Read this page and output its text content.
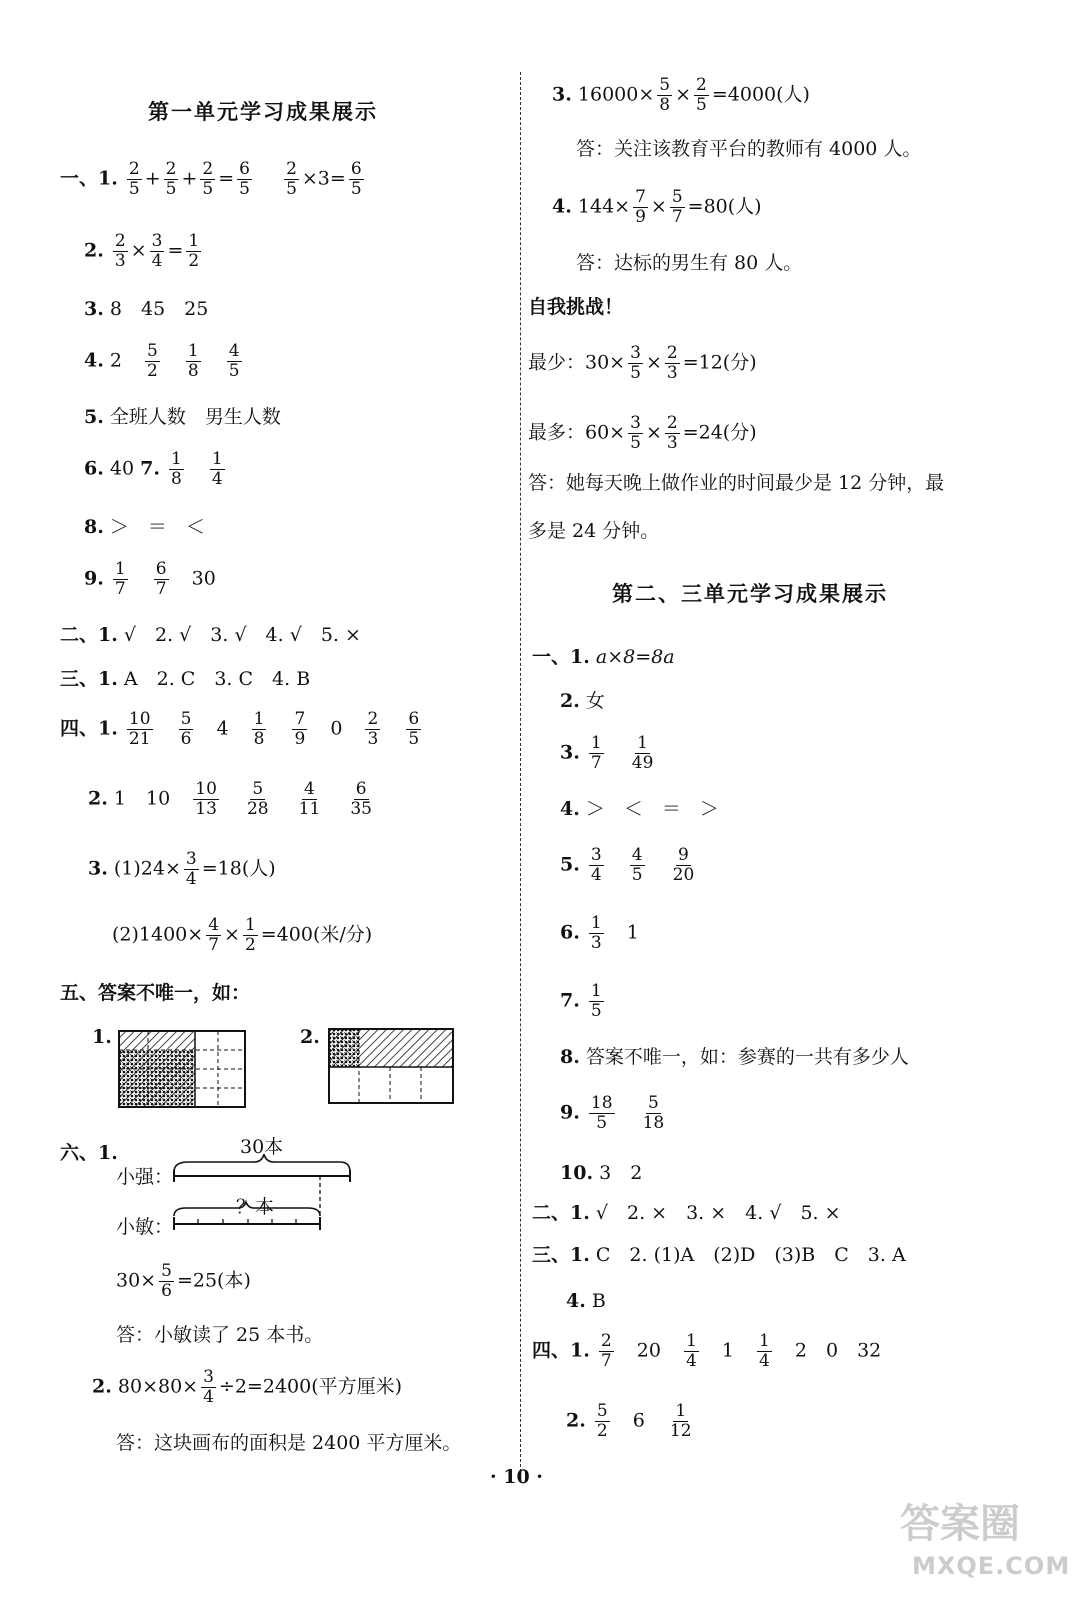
第一单元学习成果展示
一、1. $\frac{2}{5} + \frac{2}{5} + \frac{2}{5} = \frac{6}{5}$
$\frac{2}{5} \times 3= \frac{6}{5}$
2. $\frac{2}{3} \times \frac{3}{4} = \frac{1}{2}$
3. 8　45　25
4. $2 \frac{5}{2}$
$\frac{1}{8}$
$\frac{4}{5}$
5. 全班人数　男生人数
6. 40 7. $\frac{1}{8}$
$\frac{1}{4}$
8. ＞　＝　＜
9. $\frac{1}{7}$
$\frac{6}{7} 30$
二、1. √　2. √　3. √　4. √　5. ×
三、1. A　2. C　3. C　4. B
四、1. $\frac{10}{21}$
$\frac{5}{6} 4 \frac{1}{8}$
$\frac{7}{9} 0 \frac{2}{3}$
$\frac{6}{5}$
2. 1 $10 \frac{10}{13}$
$\frac{5}{28}$
$\frac{4}{11}$
$\frac{6}{35}$
3. $(1)24\times \frac{3}{4} =18$(人)
$(2)1400\times \frac{4}{7} \times \frac{1}{2} =400$(米/分)
五、答案不唯一，如：
1.	2.
六、1.	30本
小强：
？本
小敏：
$30\times \frac{5}{6} =25$(本)
答：小敏读了 25 本书。
2. $80\times 80\times \frac{3}{4} \div 2=2400$(平方厘米)
答：这块画布的面积是 2400 平方厘米。
3. $16000\times \frac{5}{8} \times \frac{2}{5} =4000$(人)
答：关注该教育平台的教师有 4000 人。
4. $144\times \frac{7}{9} \times \frac{5}{7} =80$(人)
答：达标的男生有 80 人。
自我挑战！
最少：$30\times \frac{3}{5} \times \frac{2}{3} =12$(分)
最多：$60\times \frac{3}{5} \times \frac{2}{3} =24$(分)
答：她每天晚上做作业的时间最少是 12 分钟，最
多是 24 分钟。
第二、三单元学习成果展示
一、1. a×8=8a
2. 女
3. $\frac{1}{7}$
$\frac{1}{49}$
4. ＞　＜　＝　＞
5. $\frac{3}{4}$
$\frac{4}{5}$
$\frac{9}{20}$
6. $\frac{1}{3} 1$
7. $\frac{1}{5}$
8. 答案不唯一，如：参赛的一共有多少人
9. $\frac{18}{5}$
$\frac{5}{18}$
10. 3　2
二、1. √　2. ×　3. ×　4. √　5. ×
三、1. C　2. (1)A　(2)D　(3)B　C　3. A
4. B
四、1. $\frac{2}{7} 20 \frac{1}{4} 1 \frac{1}{4} 2$　0　32
2. $\frac{5}{2} 6 \frac{1}{12}$
· 10 ·
答案圈
MXQE.COM
